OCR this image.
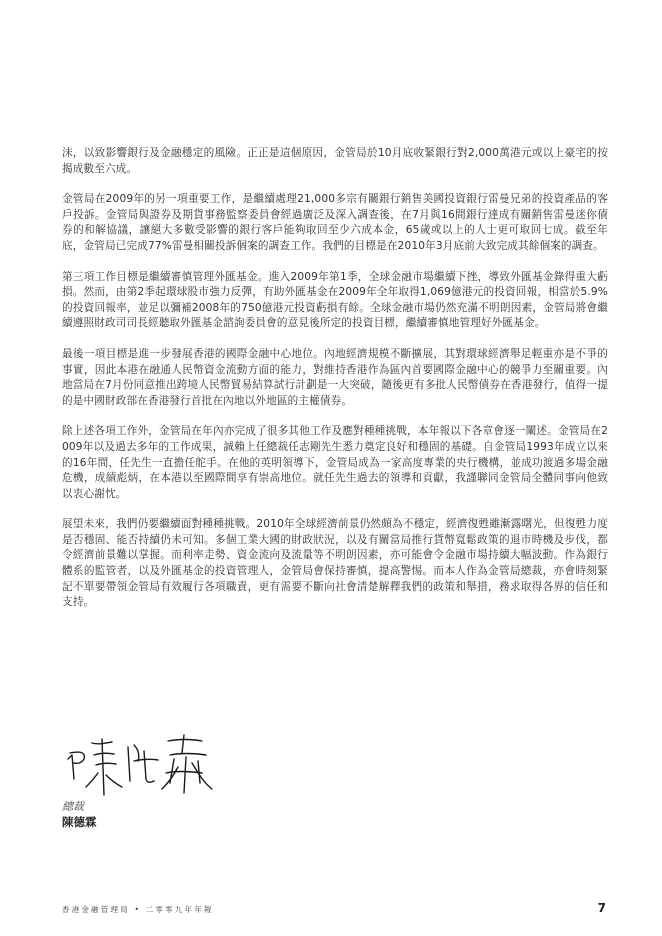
沫，以致影響銀行及金融穩定的風險。正正是這個原因，金管局於10月底收緊銀行對2,000萬港元或以上豪宅的按揭成數至六成。

金管局在2009年的另一項重要工作，是繼續處理21,000多宗有關銀行銷售美國投資銀行雷曼兄弟的投資產品的客戶投訴。金管局與證券及期貨事務監察委員會經過廣泛及深入調查後，在7月與16間銀行達成有關銷售雷曼迷你債券的和解協議，讓絕大多數受影響的銀行客戶能夠取回至少六成本金，65歲或以上的人士更可取回七成。截至年底，金管局已完成77%雷曼相關投訴個案的調查工作。我們的目標是在2010年3月底前大致完成其餘個案的調查。

第三項工作目標是繼續審慎管理外匯基金。進入2009年第1季，全球金融市場繼續下挫，導致外匯基金錄得重大虧損。然而，由第2季起環球股市強力反彈，有助外匯基金在2009年全年取得1,069億港元的投資回報，相當於5.9%的投資回報率，並足以彌補2008年的750億港元投資虧損有餘。全球金融市場仍然充滿不明朗因素，金管局將會繼續遵照財政司司長經聽取外匯基金諮詢委員會的意見後所定的投資目標，繼續審慎地管理好外匯基金。

最後一項目標是進一步發展香港的國際金融中心地位。內地經濟規模不斷擴展，其對環球經濟舉足輕重亦是不爭的事實，因此本港在融通人民幣資金流動方面的能力，對維持香港作為區內首要國際金融中心的競爭力至關重要。內地當局在7月份同意推出跨境人民幣貿易結算試行計劃是一大突破，隨後更有多批人民幣債券在香港發行，值得一提的是中國財政部在香港發行首批在內地以外地區的主權債券。

除上述各項工作外，金管局在年內亦完成了很多其他工作及應對種種挑戰，本年報以下各章會逐一闡述。金管局在2009年以及過去多年的工作成果，誠賴上任總裁任志剛先生悉力奠定良好和穩固的基礎。自金管局1993年成立以來的16年間，任先生一直擔任舵手。在他的英明領導下，金管局成為一家高度專業的央行機構，並成功渡過多場金融危機，成績彪炳，在本港以至國際間享有崇高地位。就任先生過去的領導和貢獻，我謹聯同金管局全體同事向他致以衷心謝忱。

展望未來，我們仍要繼續面對種種挑戰。2010年全球經濟前景仍然頗為不穩定，經濟復甦雖漸露曙光，但復甦力度是否穩固、能否持續仍未可知。多個工業大國的財政狀況，以及有關當局推行貨幣寬鬆政策的退市時機及步伐，都令經濟前景難以掌握。而利率走勢、資金流向及流量等不明朗因素，亦可能會令金融市場持續大幅波動。作為銀行體系的監管者，以及外匯基金的投資管理人，金管局會保持審慎，提高警惕。而本人作為金管局總裁，亦會時刻緊記不單要帶領金管局有效履行各項職責，更有需要不斷向社會清楚解釋我們的政策和舉措，務求取得各界的信任和支持。

總裁
陳德霖
香港金融管理局 • 二零零九年年報	7
